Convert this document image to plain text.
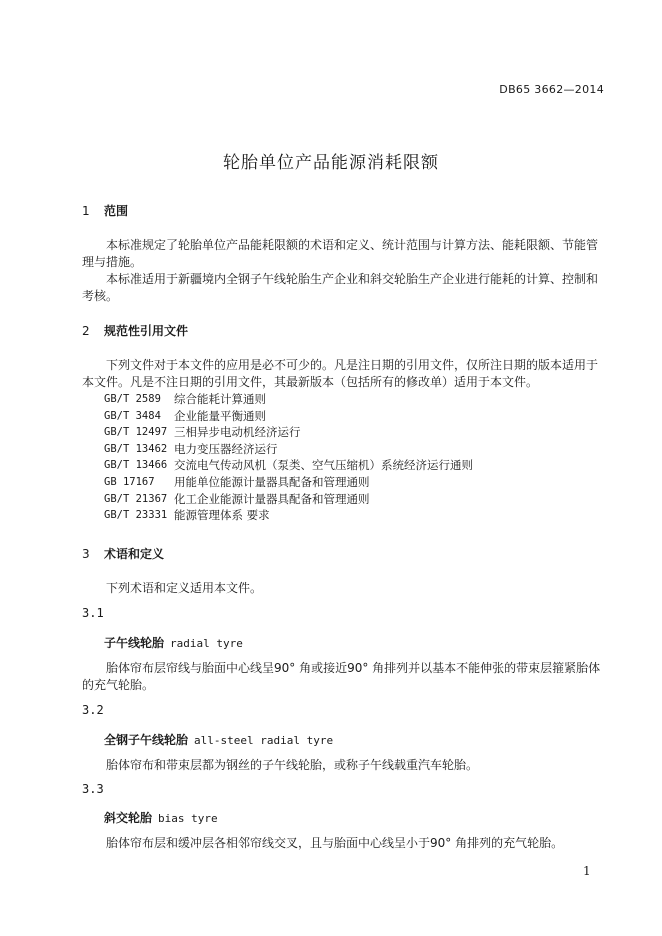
DB65 3662—2014
轮胎单位产品能源消耗限额
1 范围

本标准规定了轮胎单位产品能耗限额的术语和定义、统计范围与计算方法、能耗限额、节能管理与措施。

本标准适用于新疆境内全钢子午线轮胎生产企业和斜交轮胎生产企业进行能耗的计算、控制和考核。

2 规范性引用文件

下列文件对于本文件的应用是必不可少的。凡是注日期的引用文件，仅所注日期的版本适用于本文件。凡是不注日期的引用文件，其最新版本（包括所有的修改单）适用于本文件。

GB/T 2589	综合能耗计算通则
GB/T 3484	企业能量平衡通则
GB/T 12497 三相异步电动机经济运行
GB/T 13462 电力变压器经济运行
GB/T 13466 交流电气传动风机（泵类、空气压缩机）系统经济运行通则
GB 17167	用能单位能源计量器具配备和管理通则
GB/T 21367 化工企业能源计量器具配备和管理通则
GB/T 23331 能源管理体系 要求
3 术语和定义
下列术语和定义适用本文件。
3.1
子午线轮胎 radial tyre

胎体帘布层帘线与胎面中心线呈90° 角或接近90° 角排列并以基本不能伸张的带束层箍紧胎体的充气轮胎。

3.2
全钢子午线轮胎 all-steel radial tyre

胎体帘布和带束层都为钢丝的子午线轮胎，或称子午线载重汽车轮胎。

3.3
斜交轮胎 bias tyre

胎体帘布层和缓冲层各相邻帘线交叉，且与胎面中心线呈小于90° 角排列的充气轮胎。

1
